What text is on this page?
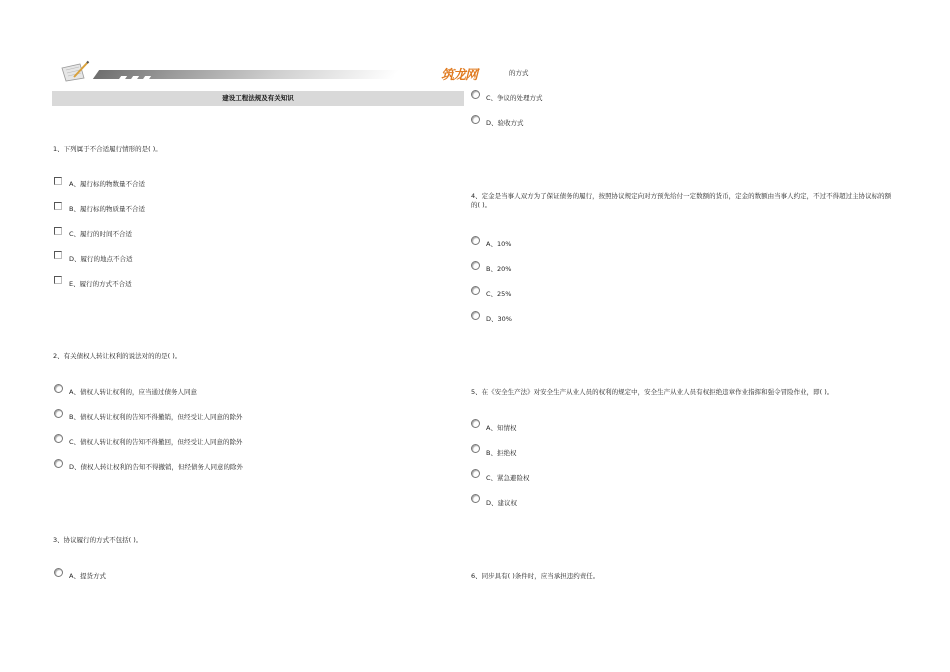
筑龙网	的方式
建设工程法规及有关知识
1、下列属于不合适履行情形的是( )。
A、履行标的物数量不合适
B、履行标的物质量不合适
C、履行的时间不合适
D、履行的地点不合适
E、履行的方式不合适
2、有关债权人转让权利的说法对的的是( )。
A、债权人转让权利的，应当通过债务人同意
B、债权人转让权利的告知不得撤销，但经受让人同意的除外
C、债权人转让权利的告知不得撤回，但经受让人同意的除外
D、债权人转让权利的告知不得撤销，但经债务人同意的除外
3、协议履行的方式不包括( )。
A、提货方式
C、争议的处理方式
D、验收方式
4、定金是当事人双方为了保证债务的履行，按照协议规定向对方预先给付一定数额的货币，定金的数额由当事人约定，不过不得超过主协议标的额的( )。
A、10%
B、20%
C、25%
D、30%
5、在《安全生产法》对安全生产从业人员的权利的规定中，安全生产从业人员有权拒绝违章作业指挥和强令冒险作业，即( )。
A、知情权
B、拒绝权
C、紧急避险权
D、建议权
6、同步具有( )条件时，应当承担违约责任。
